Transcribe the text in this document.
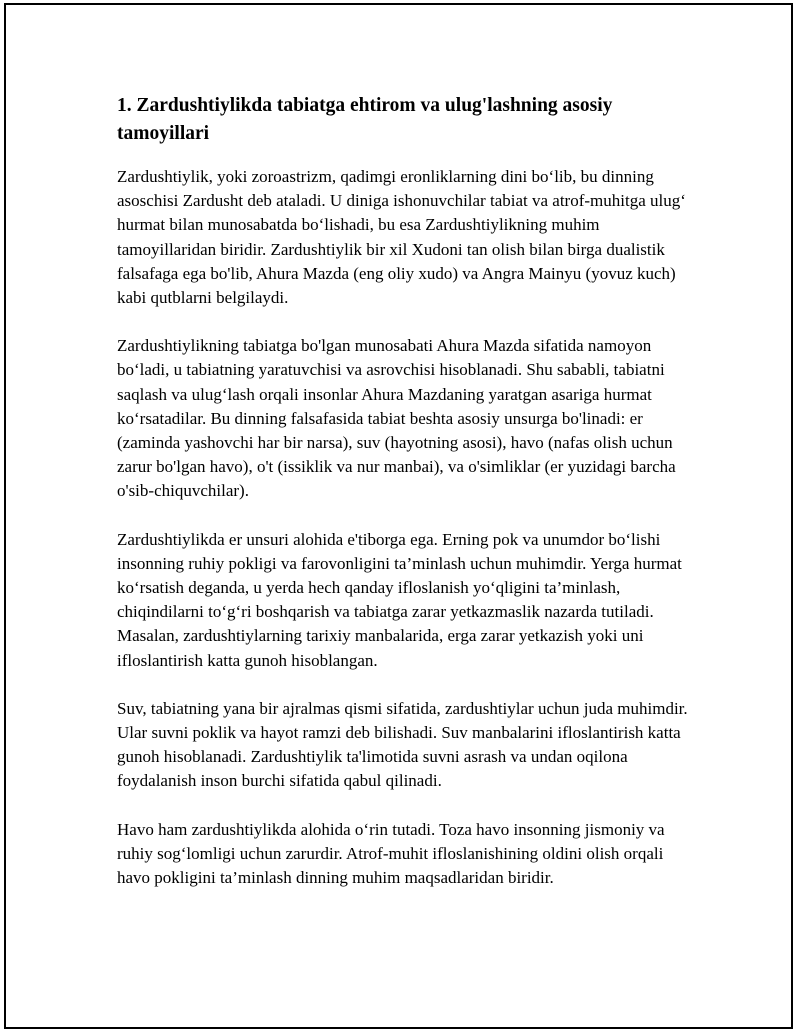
1. Zardushtiylikda tabiatga ehtirom va ulug'lashning asosiy tamoyillari

Zardushtiylik, yoki zoroastrizm, qadimgi eronliklarning dini bo‘lib, bu dinning asoschisi Zardusht deb ataladi. U diniga ishonuvchilar tabiat va atrof-muhitga ulug‘ hurmat bilan munosabatda bo‘lishadi, bu esa Zardushtiylikning muhim tamoyillaridan biridir. Zardushtiylik bir xil Xudoni tan olish bilan birga dualistik falsafaga ega bo'lib, Ahura Mazda (eng oliy xudo) va Angra Mainyu (yovuz kuch) kabi qutblarni belgilaydi.

Zardushtiylikning tabiatga bo'lgan munosabati Ahura Mazda sifatida namoyon bo‘ladi, u tabiatning yaratuvchisi va asrovchisi hisoblanadi. Shu sababli, tabiatni saqlash va ulug‘lash orqali insonlar Ahura Mazdaning yaratgan asariga hurmat ko‘rsatadilar. Bu dinning falsafasida tabiat beshta asosiy unsurga bo'linadi: er (zaminda yashovchi har bir narsa), suv (hayotning asosi), havo (nafas olish uchun zarur bo'lgan havo), o't (issiklik va nur manbai), va o'simliklar (er yuzidagi barcha o'sib-chiquvchilar).

Zardushtiylikda er unsuri alohida e'tiborga ega. Erning pok va unumdor bo‘lishi insonning ruhiy pokligi va farovonligini ta’minlash uchun muhimdir. Yerga hurmat ko‘rsatish deganda, u yerda hech qanday ifloslanish yo‘qligini ta’minlash, chiqindilarni to‘g‘ri boshqarish va tabiatga zarar yetkazmaslik nazarda tutiladi. Masalan, zardushtiylarning tarixiy manbalarida, erga zarar yetkazish yoki uni ifloslantirish katta gunoh hisoblangan.

Suv, tabiatning yana bir ajralmas qismi sifatida, zardushtiylar uchun juda muhimdir. Ular suvni poklik va hayot ramzi deb bilishadi. Suv manbalarini ifloslantirish katta gunoh hisoblanadi. Zardushtiylik ta'limotida suvni asrash va undan oqilona foydalanish inson burchi sifatida qabul qilinadi.

Havo ham zardushtiylikda alohida o‘rin tutadi. Toza havo insonning jismoniy va ruhiy sog‘lomligi uchun zarurdir. Atrof-muhit ifloslanishining oldini olish orqali havo pokligini ta’minlash dinning muhim maqsadlaridan biridir.
